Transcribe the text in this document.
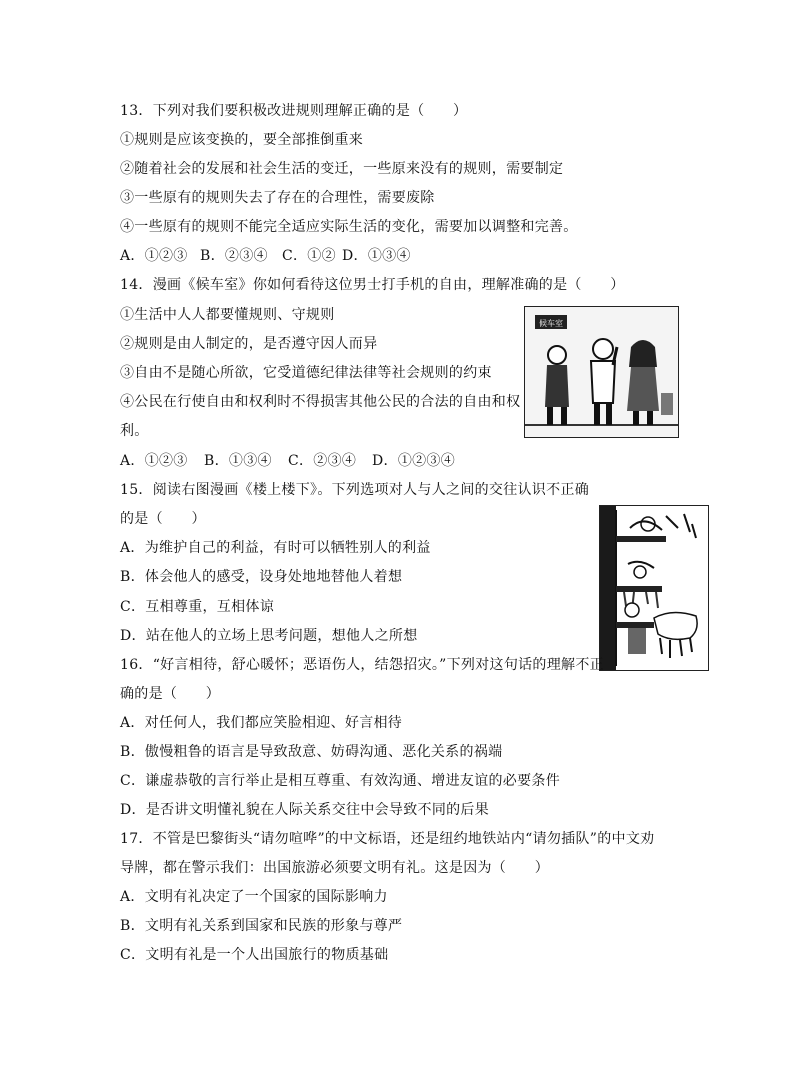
13．下列对我们要积极改进规则理解正确的是（　　）
①规则是应该变换的，要全部推倒重来
②随着社会的发展和社会生活的变迁，一些原来没有的规则，需要制定
③一些原有的规则失去了存在的合理性，需要废除
④一些原有的规则不能完全适应实际生活的变化，需要加以调整和完善。
A．①②③ B．②③④ C．①② D．①③④
14．漫画《候车室》你如何看待这位男士打手机的自由，理解准确的是（　　）
①生活中人人都要懂规则、守规则
②规则是由人制定的，是否遵守因人而异
③自由不是随心所欲，它受道德纪律法律等社会规则的约束
④公民在行使自由和权利时不得损害其他公民的合法的自由和权
利。
A．①②③ B．①③④ C．②③④ D．①②③④
候车室
15．阅读右图漫画《楼上楼下》。下列选项对人与人之间的交往认识不正确
的是（　　）
A．为维护自己的利益，有时可以牺牲别人的利益
B．体会他人的感受，设身处地地替他人着想
C．互相尊重，互相体谅
D．站在他人的立场上思考问题，想他人之所想
16．“好言相待，舒心暖怀；恶语伤人，结怨招灾。”下列对这句话的理解不正
确的是（　　）
A．对任何人，我们都应笑脸相迎、好言相待
B．傲慢粗鲁的语言是导致敌意、妨碍沟通、恶化关系的祸端
C．谦虚恭敬的言行举止是相互尊重、有效沟通、增进友谊的必要条件
D．是否讲文明懂礼貌在人际关系交往中会导致不同的后果
17．不管是巴黎街头“请勿喧哗”的中文标语，还是纽约地铁站内“请勿插队”的中文劝
导牌，都在警示我们：出国旅游必须要文明有礼。这是因为（　　）
A．文明有礼决定了一个国家的国际影响力
B．文明有礼关系到国家和民族的形象与尊严
C．文明有礼是一个人出国旅行的物质基础
